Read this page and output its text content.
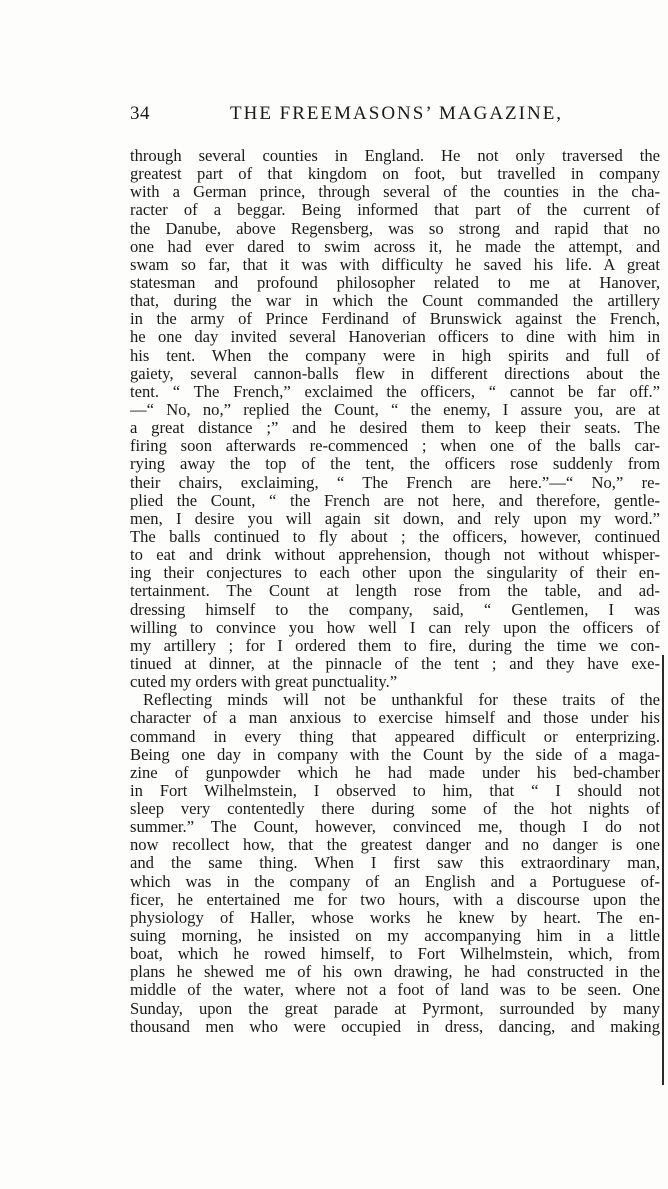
34	THE FREEMASONS’ MAGAZINE,
through several counties in England. He not only traversed the
greatest part of that kingdom on foot, but travelled in company
with a German prince, through several of the counties in the cha-
racter of a beggar. Being informed that part of the current of
the Danube, above Regensberg, was so strong and rapid that no
one had ever dared to swim across it, he made the attempt, and
swam so far, that it was with difficulty he saved his life. A great
statesman and profound philosopher related to me at Hanover,
that, during the war in which the Count commanded the artillery
in the army of Prince Ferdinand of Brunswick against the French,
he one day invited several Hanoverian officers to dine with him in
his tent. When the company were in high spirits and full of
gaiety, several cannon-balls flew in different directions about the
tent. “ The French,” exclaimed the officers, “ cannot be far off.”
—“ No, no,” replied the Count, “ the enemy, I assure you, are at
a great distance ;” and he desired them to keep their seats. The
firing soon afterwards re-commenced ; when one of the balls car-
rying away the top of the tent, the officers rose suddenly from
their chairs, exclaiming, “ The French are here.”—“ No,” re-
plied the Count, “ the French are not here, and therefore, gentle-
men, I desire you will again sit down, and rely upon my word.”
The balls continued to fly about ; the officers, however, continued
to eat and drink without apprehension, though not without whisper-
ing their conjectures to each other upon the singularity of their en-
tertainment. The Count at length rose from the table, and ad-
dressing himself to the company, said, “ Gentlemen, I was
willing to convince you how well I can rely upon the officers of
my artillery ; for I ordered them to fire, during the time we con-
tinued at dinner, at the pinnacle of the tent ; and they have exe-
cuted my orders with great punctuality.”
Reflecting minds will not be unthankful for these traits of the
character of a man anxious to exercise himself and those under his
command in every thing that appeared difficult or enterprizing.
Being one day in company with the Count by the side of a maga-
zine of gunpowder which he had made under his bed-chamber
in Fort Wilhelmstein, I observed to him, that “ I should not
sleep very contentedly there during some of the hot nights of
summer.” The Count, however, convinced me, though I do not
now recollect how, that the greatest danger and no danger is one
and the same thing. When I first saw this extraordinary man,
which was in the company of an English and a Portuguese of-
ficer, he entertained me for two hours, with a discourse upon the
physiology of Haller, whose works he knew by heart. The en-
suing morning, he insisted on my accompanying him in a little
boat, which he rowed himself, to Fort Wilhelmstein, which, from
plans he shewed me of his own drawing, he had constructed in the
middle of the water, where not a foot of land was to be seen. One
Sunday, upon the great parade at Pyrmont, surrounded by many
thousand men who were occupied in dress, dancing, and making
